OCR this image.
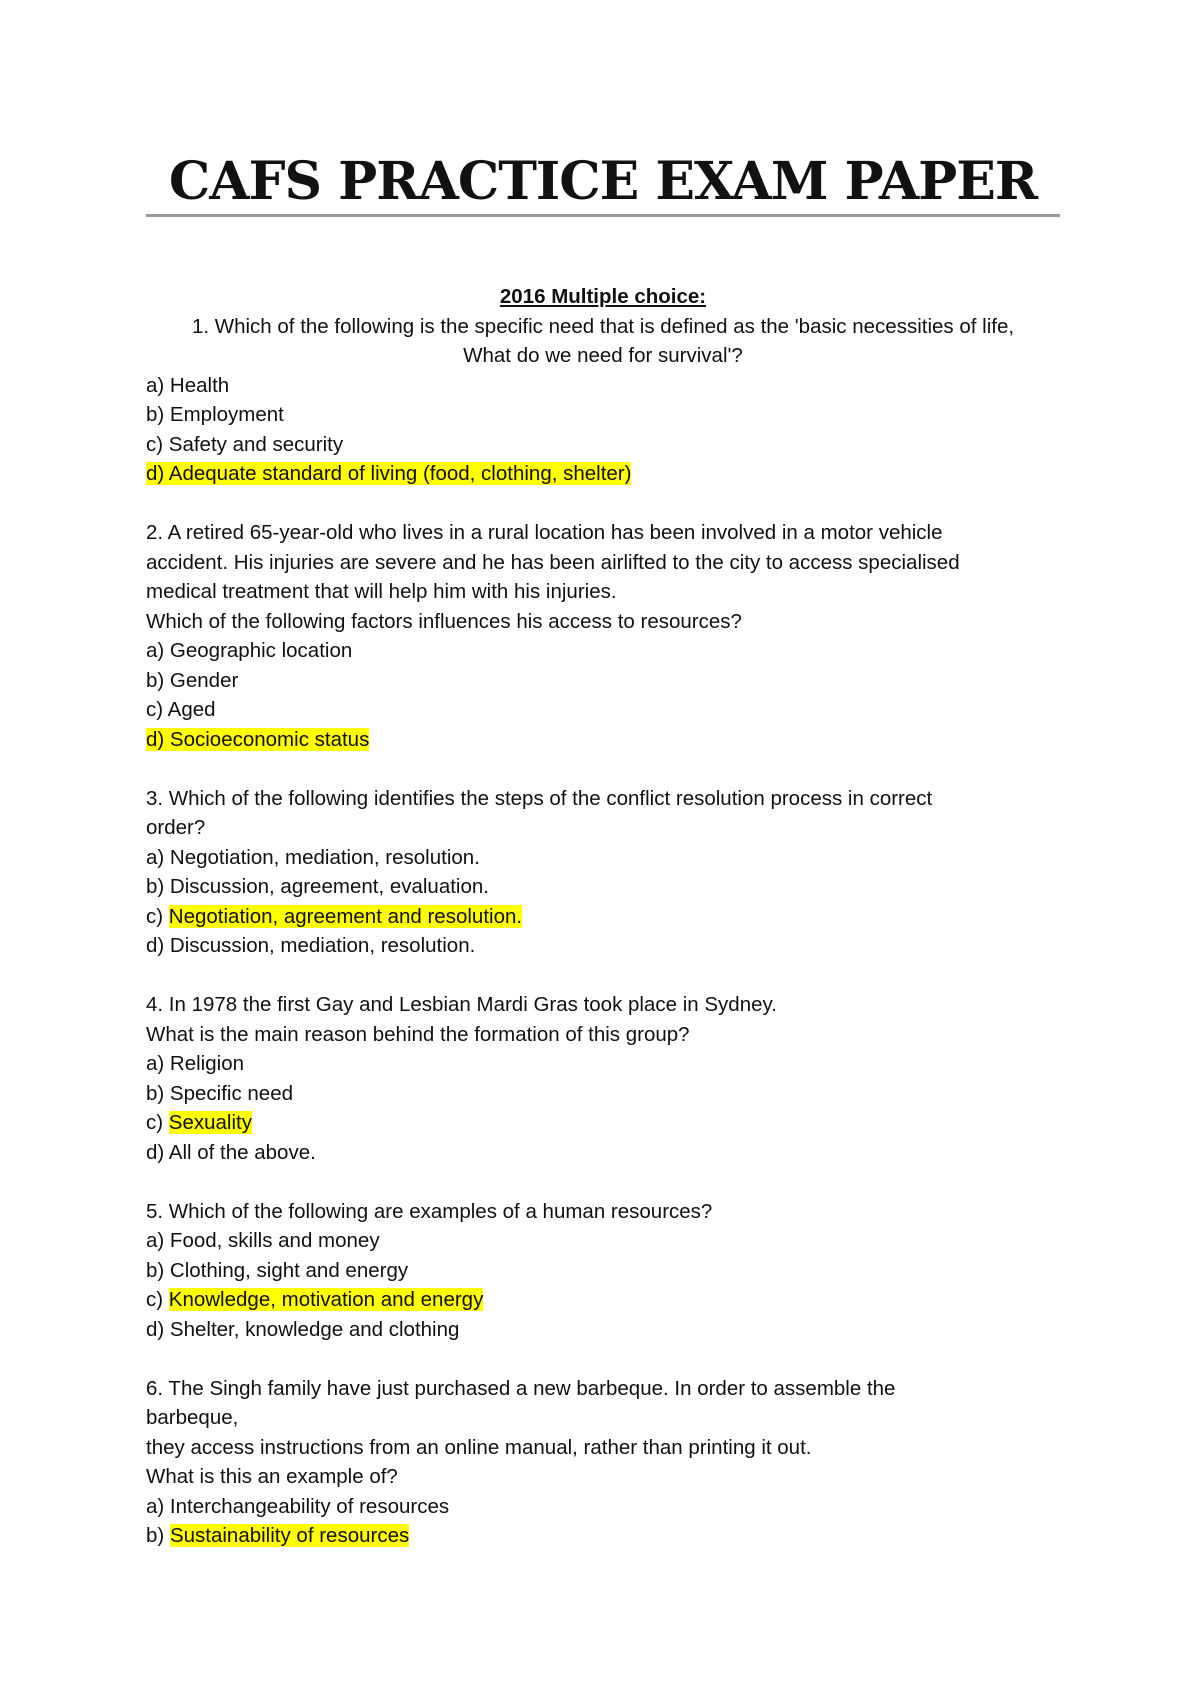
CAFS PRACTICE EXAM PAPER

2016 Multiple choice:

1. Which of the following is the specific need that is defined as the 'basic necessities of life,

What do we need for survival'?

a) Health

b) Employment

c) Safety and security

d) Adequate standard of living (food, clothing, shelter)

2. A retired 65-year-old who lives in a rural location has been involved in a motor vehicle

accident. His injuries are severe and he has been airlifted to the city to access specialised

medical treatment that will help him with his injuries.

Which of the following factors influences his access to resources?

a) Geographic location

b) Gender

c) Aged

d) Socioeconomic status

3. Which of the following identifies the steps of the conflict resolution process in correct

order?

a) Negotiation, mediation, resolution.

b) Discussion, agreement, evaluation.

c) Negotiation, agreement and resolution.

d) Discussion, mediation, resolution.

4. In 1978 the first Gay and Lesbian Mardi Gras took place in Sydney.

What is the main reason behind the formation of this group?

a) Religion

b) Specific need

c) Sexuality

d) All of the above.

5. Which of the following are examples of a human resources?

a) Food, skills and money

b) Clothing, sight and energy

c) Knowledge, motivation and energy

d) Shelter, knowledge and clothing

6. The Singh family have just purchased a new barbeque. In order to assemble the

barbeque,

they access instructions from an online manual, rather than printing it out.

What is this an example of?

a) Interchangeability of resources

b) Sustainability of resources
